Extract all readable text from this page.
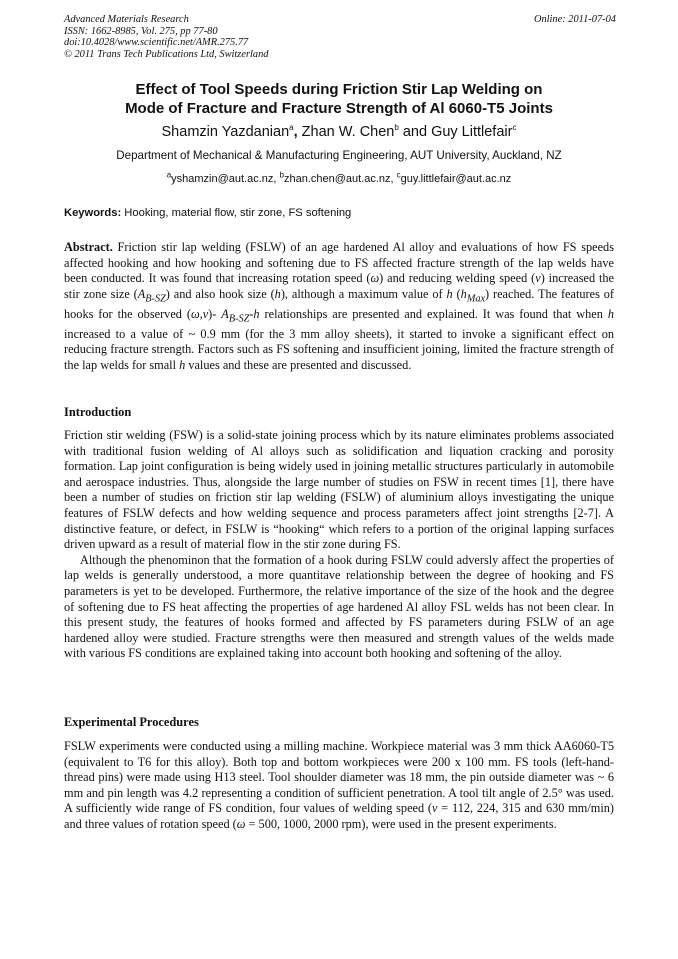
Advanced Materials Research
ISSN: 1662-8985, Vol. 275, pp 77-80
doi:10.4028/www.scientific.net/AMR.275.77
© 2011 Trans Tech Publications Ltd, Switzerland
Online: 2011-07-04
Effect of Tool Speeds during Friction Stir Lap Welding on
Mode of Fracture and Fracture Strength of Al 6060-T5 Joints
Shamzin Yazdanian$^a$, Zhan W. Chen$^b$ and Guy Littlefair$^c$
Department of Mechanical & Manufacturing Engineering, AUT University, Auckland, NZ
$^a$yshamzin@aut.ac.nz, $^b$zhan.chen@aut.ac.nz, $^c$guy.littlefair@aut.ac.nz
Keywords: Hooking, material flow, stir zone, FS softening

Abstract. Friction stir lap welding (FSLW) of an age hardened Al alloy and evaluations of how FS speeds affected hooking and how hooking and softening due to FS affected fracture strength of the lap welds have been conducted. It was found that increasing rotation speed (ω) and reducing welding speed (v) increased the stir zone size $(A_{B-SZ})$ and also hook size (h), although a maximum value of h $(h_{Max})$ reached. The features of hooks for the observed (ω,v)- $A_{B-SZ}-h$ relationships are presented and explained. It was found that when h increased to a value of ~ 0.9 mm (for the 3 mm alloy sheets), it started to invoke a significant effect on reducing fracture strength. Factors such as FS softening and insufficient joining, limited the fracture strength of the lap welds for small h values and these are presented and discussed.

Introduction

Friction stir welding (FSW) is a solid-state joining process which by its nature eliminates problems associated with traditional fusion welding of Al alloys such as solidification and liquation cracking and porosity formation. Lap joint configuration is being widely used in joining metallic structures particularly in automobile and aerospace industries. Thus, alongside the large number of studies on FSW in recent times [1], there have been a number of studies on friction stir lap welding (FSLW) of aluminium alloys investigating the unique features of FSLW defects and how welding sequence and process parameters affect joint strengths [2-7]. A distinctive feature, or defect, in FSLW is “hooking“ which refers to a portion of the original lapping surfaces driven upward as a result of material flow in the stir zone during FS.

Although the phenominon that the formation of a hook during FSLW could adversly affect the properties of lap welds is generally understood, a more quantitave relationship between the degree of hooking and FS parameters is yet to be developed. Furthermore, the relative importance of the size of the hook and the degree of softening due to FS heat affecting the properties of age hardened Al alloy FSL welds has not been clear. In this present study, the features of hooks formed and affected by FS parameters during FSLW of an age hardened alloy were studied. Fracture strengths were then measured and strength values of the welds made with various FS conditions are explained taking into account both hooking and softening of the alloy.

Experimental Procedures

FSLW experiments were conducted using a milling machine. Workpiece material was 3 mm thick AA6060-T5 (equivalent to T6 for this alloy). Both top and bottom workpieces were 200 x 100 mm. FS tools (left-hand-thread pins) were made using H13 steel. Tool shoulder diameter was 18 mm, the pin outside diameter was ~ 6 mm and pin length was 4.2 representing a condition of sufficient penetration. A tool tilt angle of 2.5° was used. A sufficiently wide range of FS condition, four values of welding speed (v = 112, 224, 315 and 630 mm/min) and three values of rotation speed (ω = 500, 1000, 2000 rpm), were used in the present experiments.
